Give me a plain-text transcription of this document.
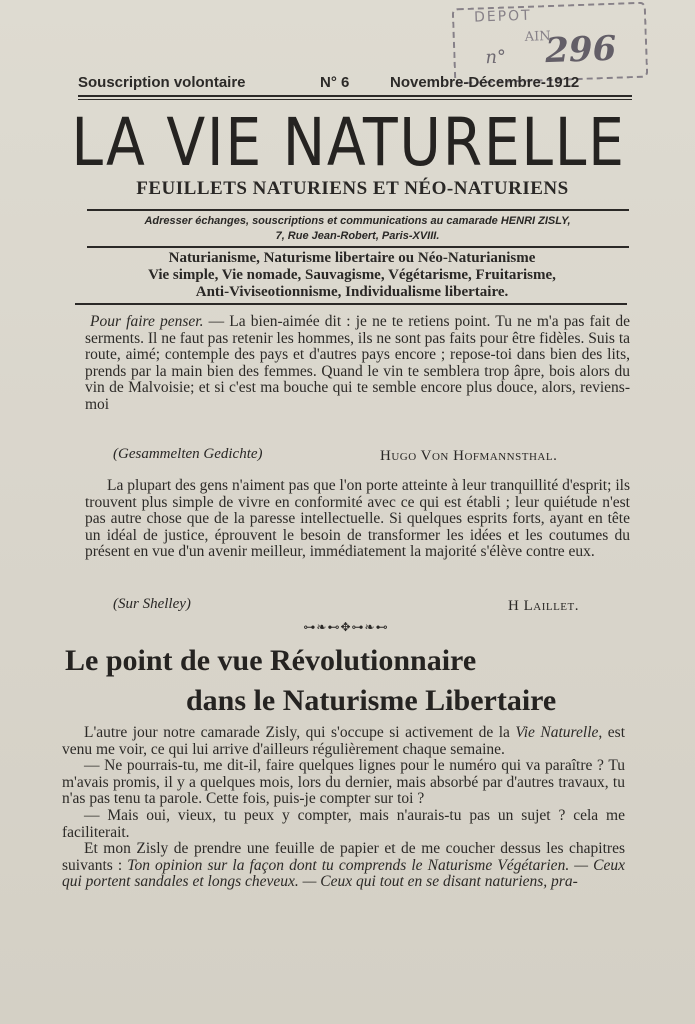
DEPOT
AIN
n° 296
Souscription volontaire	N° 6	Novembre-Décembre-1912
LA VIE NATURELLE
FEUILLETS NATURIENS ET NÉO-NATURIENS
Adresser échanges, souscriptions et communications au camarade HENRI ZISLY,
7, Rue Jean-Robert, Paris-XVIII.
Naturianisme, Naturisme libertaire ou Néo-Naturianisme
Vie simple, Vie nomade, Sauvagisme, Végétarisme, Fruitarisme,
Anti-Viviseotionnisme, Individualisme libertaire.

Pour faire penser. — La bien-aimée dit : je ne te retiens point. Tu ne m'a pas fait de serments. Il ne faut pas retenir les hommes, ils ne sont pas faits pour être fidèles. Suis ta route, aimé; contemple des pays et d'autres pays encore ; repose-toi dans bien des lits, prends par la main bien des femmes. Quand le vin te semblera trop âpre, bois alors du vin de Malvoisie; et si c'est ma bouche qui te semble encore plus douce, alors, reviens-moi

(Gesammelten Gedichte)	Hugo Von Hofmannsthal.

La plupart des gens n'aiment pas que l'on porte atteinte à leur tranquillité d'esprit; ils trouvent plus simple de vivre en conformité avec ce qui est établi ; leur quiétude n'est pas autre chose que de la paresse intellectuelle. Si quelques esprits forts, ayant en tête un idéal de justice, éprouvent le besoin de transformer les idées et les coutumes du présent en vue d'un avenir meilleur, immédiatement la majorité s'élève contre eux.

(Sur Shelley)	H Laillet.
⊶❧⊷✥⊶❧⊷
Le point de vue Révolutionnaire
dans le Naturisme Libertaire

L'autre jour notre camarade Zisly, qui s'occupe si activement de la Vie Naturelle, est venu me voir, ce qui lui arrive d'ailleurs régulièrement chaque semaine.

— Ne pourrais-tu, me dit-il, faire quelques lignes pour le numéro qui va paraître ? Tu m'avais promis, il y a quelques mois, lors du dernier, mais absorbé par d'autres travaux, tu n'as pas tenu ta parole. Cette fois, puis-je compter sur toi ?

— Mais oui, vieux, tu peux y compter, mais n'aurais-tu pas un sujet ? cela me faciliterait.

Et mon Zisly de prendre une feuille de papier et de me coucher dessus les chapitres suivants : Ton opinion sur la façon dont tu comprends le Naturisme Végétarien. — Ceux qui portent sandales et longs cheveux. — Ceux qui tout en se disant naturiens, pra-
